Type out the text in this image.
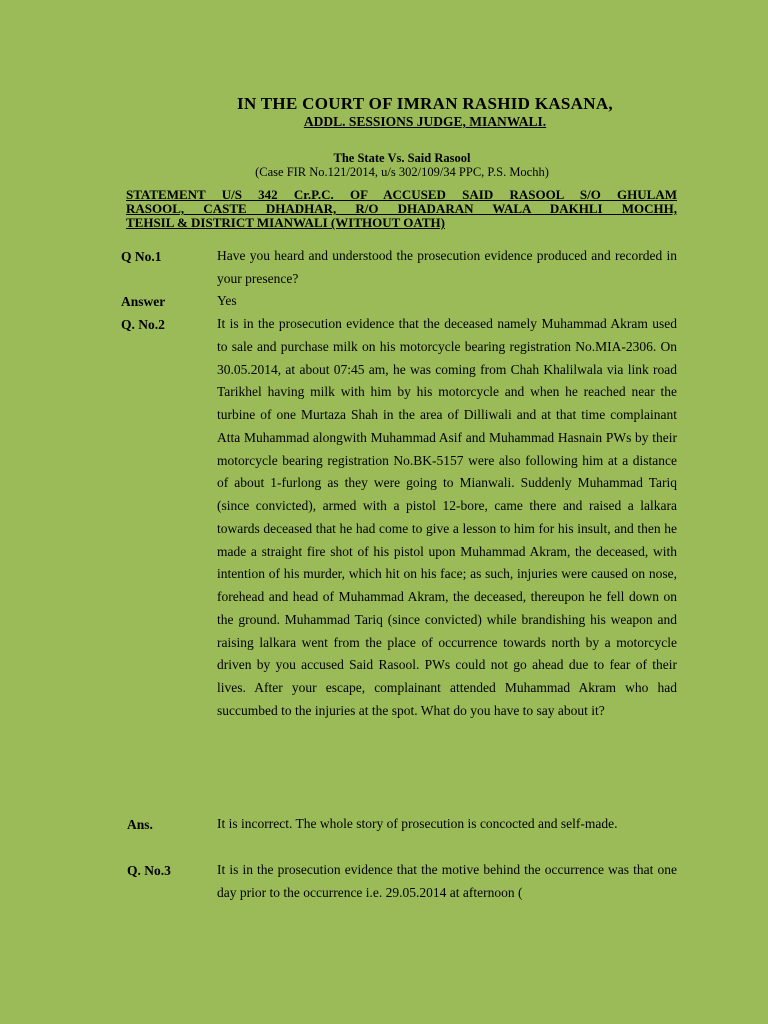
IN THE COURT OF IMRAN RASHID KASANA,
ADDL. SESSIONS JUDGE, MIANWALI.
The State Vs. Said Rasool
(Case FIR No.121/2014, u/s 302/109/34 PPC, P.S. Mochh)
STATEMENT U/S 342 Cr.P.C. OF ACCUSED SAID RASOOL S/O GHULAM
RASOOL, CASTE DHADHAR, R/O DHADARAN WALA DAKHLI MOCHH,
TEHSIL & DISTRICT MIANWALI (WITHOUT OATH)
Q No.1	Have you heard and understood the prosecution evidence produced and recorded in your presence?
Answer	Yes
Q. No.2	It is in the prosecution evidence that the deceased namely Muhammad Akram used to sale and purchase milk on his motorcycle bearing registration No.MIA-2306. On 30.05.2014, at about 07:45 am, he was coming from Chah Khalilwala via link road Tarikhel having milk with him by his motorcycle and when he reached near the turbine of one Murtaza Shah in the area of Dilliwali and at that time complainant Atta Muhammad alongwith Muhammad Asif and Muhammad Hasnain PWs by their motorcycle bearing registration No.BK-5157 were also following him at a distance of about 1-furlong as they were going to Mianwali. Suddenly Muhammad Tariq (since convicted), armed with a pistol 12-bore, came there and raised a lalkara towards deceased that he had come to give a lesson to him for his insult, and then he made a straight fire shot of his pistol upon Muhammad Akram, the deceased, with intention of his murder, which hit on his face; as such, injuries were caused on nose, forehead and head of Muhammad Akram, the deceased, thereupon he fell down on the ground. Muhammad Tariq (since convicted) while brandishing his weapon and raising lalkara went from the place of occurrence towards north by a motorcycle driven by you accused Said Rasool. PWs could not go ahead due to fear of their lives. After your escape, complainant attended Muhammad Akram who had succumbed to the injuries at the spot. What do you have to say about it?
Ans.	It is incorrect. The whole story of prosecution is concocted and self-made.
Q. No.3	It is in the prosecution evidence that the motive behind the occurrence was that one day prior to the occurrence i.e. 29.05.2014 at afternoon (
